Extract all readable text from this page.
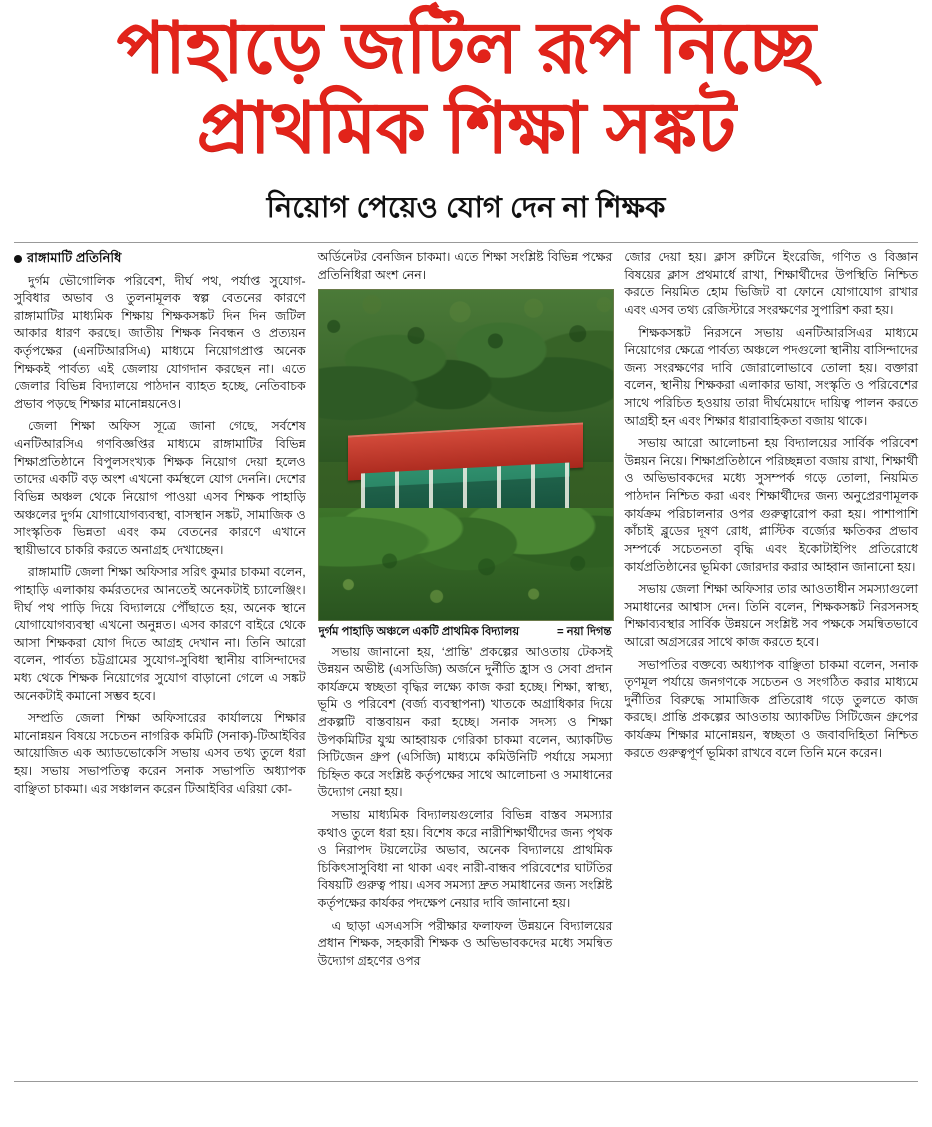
পাহাড়ে জটিল রূপ নিচ্ছে
প্রাথমিক শিক্ষা সঙ্কট
নিয়োগ পেয়েও যোগ দেন না শিক্ষক
রাঙ্গামাটি প্রতিনিধি

দুর্গম ভৌগোলিক পরিবেশ, দীর্ঘ পথ, পর্যাপ্ত সুযোগ-সুবিধার অভাব ও তুলনামূলক স্বল্প বেতনের কারণে রাঙ্গামাটির মাধ্যমিক শিক্ষায় শিক্ষকসঙ্কট দিন দিন জটিল আকার ধারণ করছে। জাতীয় শিক্ষক নিবন্ধন ও প্রত্যয়ন কর্তৃপক্ষের (এনটিআরসিএ) মাধ্যমে নিয়োগপ্রাপ্ত অনেক শিক্ষকই পার্বত্য এই জেলায় যোগদান করছেন না। এতে জেলার বিভিন্ন বিদ্যালয়ে পাঠদান ব্যাহত হচ্ছে, নেতিবাচক প্রভাব পড়ছে শিক্ষার মানোন্নয়নেও।

জেলা শিক্ষা অফিস সূত্রে জানা গেছে, সর্বশেষ এনটিআরসিএ গণবিজ্ঞপ্তির মাধ্যমে রাঙ্গামাটির বিভিন্ন শিক্ষাপ্রতিষ্ঠানে বিপুলসংখ্যক শিক্ষক নিয়োগ দেয়া হলেও তাদের একটি বড় অংশ এখনো কর্মস্থলে যোগ দেননি। দেশের বিভিন্ন অঞ্চল থেকে নিয়োগ পাওয়া এসব শিক্ষক পাহাড়ি অঞ্চলের দুর্গম যোগাযোগব্যবস্থা, বাসস্থান সঙ্কট, সামাজিক ও সাংস্কৃতিক ভিন্নতা এবং কম বেতনের কারণে এখানে স্থায়ীভাবে চাকরি করতে অনাগ্রহ দেখাচ্ছেন।

রাঙ্গামাটি জেলা শিক্ষা অফিসার সরিৎ কুমার চাকমা বলেন, পাহাড়ি এলাকায় কর্মরতদের আনতেই অনেকটাই চ্যালেঞ্জিং। দীর্ঘ পথ পাড়ি দিয়ে বিদ্যালয়ে পৌঁছাতে হয়, অনেক স্থানে যোগাযোগব্যবস্থা এখনো অনুন্নত। এসব কারণে বাইরে থেকে আসা শিক্ষকরা যোগ দিতে আগ্রহ দেখান না। তিনি আরো বলেন, পার্বত্য চট্টগ্রামের সুযোগ-সুবিধা স্থানীয় বাসিন্দাদের মধ্য থেকে শিক্ষক নিয়োগের সুযোগ বাড়ানো গেলে এ সঙ্কট অনেকটাই কমানো সম্ভব হবে।

সম্প্রতি জেলা শিক্ষা অফিসারের কার্যালয়ে শিক্ষার মানোন্নয়ন বিষয়ে সচেতন নাগরিক কমিটি (সনাক)-টিআইবির আয়োজিত এক অ্যাডভোকেসি সভায় এসব তথ্য তুলে ধরা হয়। সভায় সভাপতিত্ব করেন সনাক সভাপতি অধ্যাপক বাঞ্ছিতা চাকমা। এর সঞ্চালন করেন টিআইবির এরিয়া কো-

অর্ডিনেটর বেনজিন চাকমা। এতে শিক্ষা সংশ্লিষ্ট বিভিন্ন পক্ষের প্রতিনিধিরা অংশ নেন।

দুর্গম পাহাড়ি অঞ্চলে একটি প্রাথমিক বিদ্যালয়	= নয়া দিগন্ত

সভায় জানানো হয়, ‘প্রান্তি’ প্রকল্পের আওতায় টেকসই উন্নয়ন অভীষ্ট (এসডিজি) অর্জনে দুর্নীতি হ্রাস ও সেবা প্রদান কার্যক্রমে স্বচ্ছতা বৃদ্ধির লক্ষ্যে কাজ করা হচ্ছে। শিক্ষা, স্বাস্থ্য, ভূমি ও পরিবেশ (বর্জ্য ব্যবস্থাপনা) খাতকে অগ্রাধিকার দিয়ে প্রকল্পটি বাস্তবায়ন করা হচ্ছে। সনাক সদস্য ও শিক্ষা উপকমিটির যুগ্ম আহ্বায়ক গেরিকা চাকমা বলেন, অ্যাকটিভ সিটিজেন গ্রুপ (এসিজি) মাধ্যমে কমিউনিটি পর্যায়ে সমস্যা চিহ্নিত করে সংশ্লিষ্ট কর্তৃপক্ষের সাথে আলোচনা ও সমাধানের উদ্যোগ নেয়া হয়।

সভায় মাধ্যমিক বিদ্যালয়গুলোর বিভিন্ন বাস্তব সমস্যার কথাও তুলে ধরা হয়। বিশেষ করে নারীশিক্ষার্থীদের জন্য পৃথক ও নিরাপদ টয়লেটের অভাব, অনেক বিদ্যালয়ে প্রাথমিক চিকিৎসাসুবিধা না থাকা এবং নারী-বান্ধব পরিবেশের ঘাটতির বিষয়টি গুরুত্ব পায়। এসব সমস্যা দ্রুত সমাধানের জন্য সংশ্লিষ্ট কর্তৃপক্ষের কার্যকর পদক্ষেপ নেয়ার দাবি জানানো হয়।

এ ছাড়া এসএসসি পরীক্ষার ফলাফল উন্নয়নে বিদ্যালয়ের প্রধান শিক্ষক, সহকারী শিক্ষক ও অভিভাবকদের মধ্যে সমন্বিত উদ্যোগ গ্রহণের ওপর

জোর দেয়া হয়। ক্লাস রুটিনে ইংরেজি, গণিত ও বিজ্ঞান বিষয়ের ক্লাস প্রথমার্ধে রাখা, শিক্ষার্থীদের উপস্থিতি নিশ্চিত করতে নিয়মিত হোম ভিজিট বা ফোনে যোগাযোগ রাখার এবং এসব তথ্য রেজিস্টারে সংরক্ষণের সুপারিশ করা হয়।

শিক্ষকসঙ্কট নিরসনে সভায় এনটিআরসিএর মাধ্যমে নিয়োগের ক্ষেত্রে পার্বত্য অঞ্চলে পদগুলো স্থানীয় বাসিন্দাদের জন্য সংরক্ষণের দাবি জোরালোভাবে তোলা হয়। বক্তারা বলেন, স্থানীয় শিক্ষকরা এলাকার ভাষা, সংস্কৃতি ও পরিবেশের সাথে পরিচিত হওয়ায় তারা দীর্ঘমেয়াদে দায়িত্ব পালন করতে আগ্রহী হন এবং শিক্ষার ধারাবাহিকতা বজায় থাকে।

সভায় আরো আলোচনা হয় বিদ্যালয়ের সার্বিক পরিবেশ উন্নয়ন নিয়ে। শিক্ষাপ্রতিষ্ঠানে পরিচ্ছন্নতা বজায় রাখা, শিক্ষার্থী ও অভিভাবকদের মধ্যে সুসম্পর্ক গড়ে তোলা, নিয়মিত পাঠদান নিশ্চিত করা এবং শিক্ষার্থীদের জন্য অনুপ্রেরণামূলক কার্যক্রম পরিচালনার ওপর গুরুত্বারোপ করা হয়। পাশাপাশি কাঁচাই ব্লুডের দূষণ রোধ, প্লাস্টিক বর্জ্যের ক্ষতিকর প্রভাব সম্পর্কে সচেতনতা বৃদ্ধি এবং ইকোটাইপিং প্রতিরোধে কার্যপ্রতিষ্ঠানের ভূমিকা জোরদার করার আহ্বান জানানো হয়।

সভায় জেলা শিক্ষা অফিসার তার আওতাধীন সমস্যাগুলো সমাধানের আশ্বাস দেন। তিনি বলেন, শিক্ষকসঙ্কট নিরসনসহ শিক্ষাব্যবস্থার সার্বিক উন্নয়নে সংশ্লিষ্ট সব পক্ষকে সমন্বিতভাবে আরো অগ্রসরের সাথে কাজ করতে হবে।

সভাপতির বক্তব্যে অধ্যাপক বাঞ্ছিতা চাকমা বলেন, সনাক তৃণমূল পর্যায়ে জনগণকে সচেতন ও সংগঠিত করার মাধ্যমে দুর্নীতির বিরুদ্ধে সামাজিক প্রতিরোধ গড়ে তুলতে কাজ করছে। প্রান্তি প্রকল্পের আওতায় অ্যাকটিভ সিটিজেন গ্রুপের কার্যক্রম শিক্ষার মানোন্নয়ন, স্বচ্ছতা ও জবাবদিহিতা নিশ্চিত করতে গুরুত্বপূর্ণ ভূমিকা রাখবে বলে তিনি মনে করেন।
